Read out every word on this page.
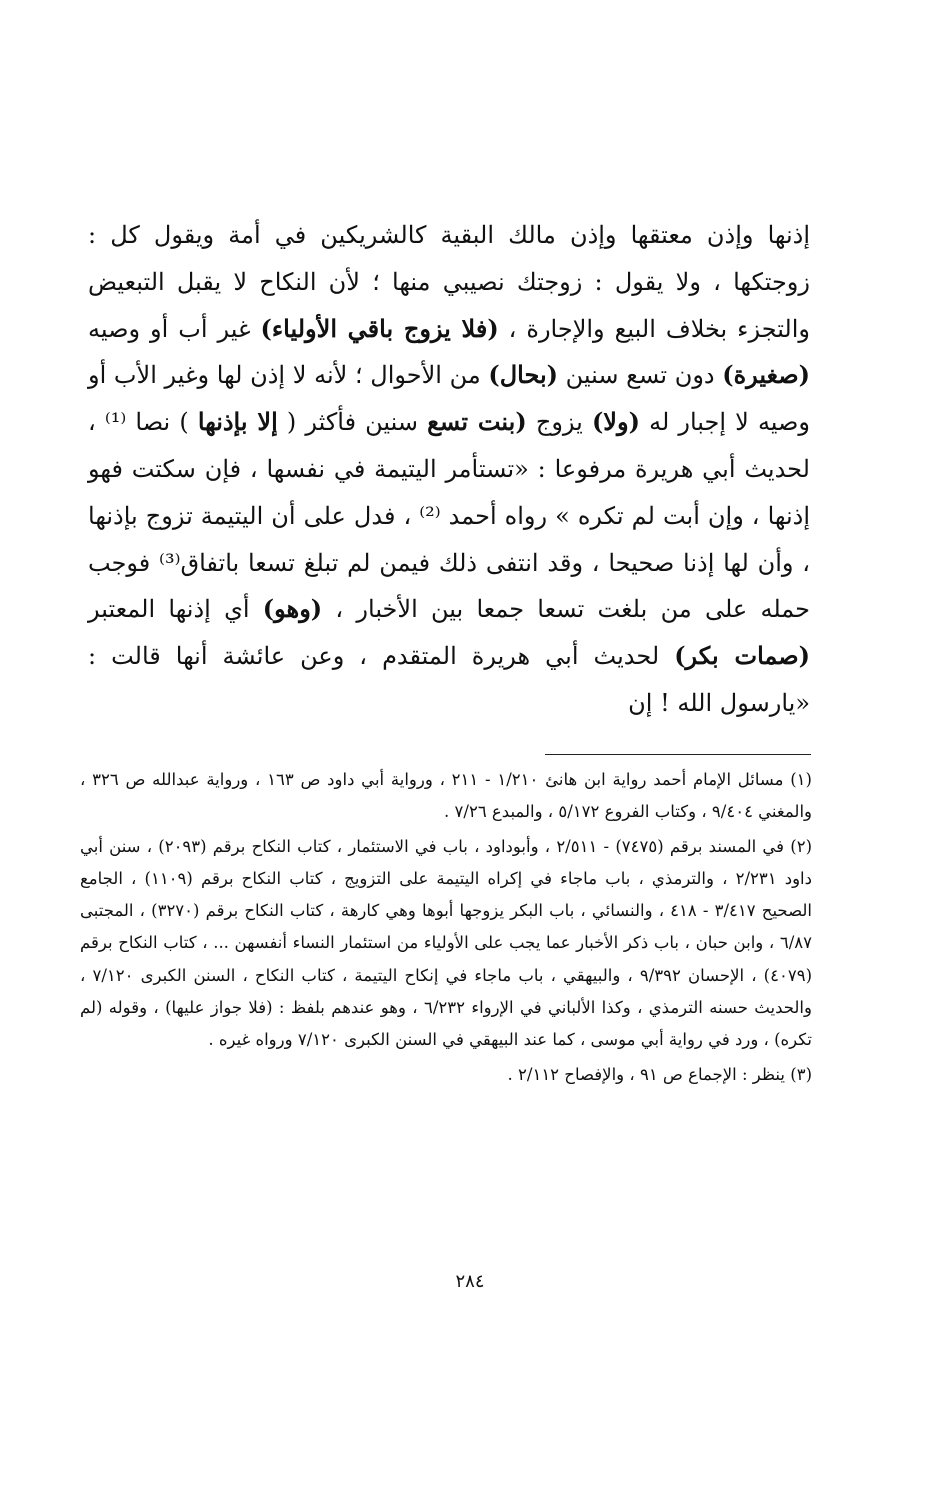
إذنها وإذن معتقها وإذن مالك البقية كالشريكين في أمة ويقول كل : زوجتكها ، ولا يقول : زوجتك نصيبي منها ؛ لأن النكاح لا يقبل التبعيض والتجزء بخلاف البيع والإجارة ، (فلا يزوج باقي الأولياء) غير أب أو وصيه (صغيرة) دون تسع سنين (بحال) من الأحوال ؛ لأنه لا إذن لها وغير الأب أو وصيه لا إجبار له (ولا) يزوج (بنت تسع سنين فأكثر ( إلا بإذنها ) نصا ⁽¹⁾ ، لحديث أبي هريرة مرفوعا : «تستأمر اليتيمة في نفسها ، فإن سكتت فهو إذنها ، وإن أبت لم تكره » رواه أحمد ⁽²⁾ ، فدل على أن اليتيمة تزوج بإذنها ، وأن لها إذنا صحيحا ، وقد انتفى ذلك فيمن لم تبلغ تسعا باتفاق⁽³⁾ فوجب حمله على من بلغت تسعا جمعا بين الأخبار ، (وهو) أي إذنها المعتبر (صمات بكر) لحديث أبي هريرة المتقدم ، وعن عائشة أنها قالت : «يارسول الله ! إن

(١) مسائل الإمام أحمد رواية ابن هانئ ١/٢١٠ - ٢١١ ، ورواية أبي داود ص ١٦٣ ، ورواية عبدالله ص ٣٢٦ ، والمغني ٩/٤٠٤ ، وكتاب الفروع ٥/١٧٢ ، والمبدع ٧/٢٦ .

(٢) في المسند برقم (٧٤٧٥) - ٢/٥١١ ، وأبوداود ، باب في الاستئمار ، كتاب النكاح برقم (٢٠٩٣) ، سنن أبي داود ٢/٢٣١ ، والترمذي ، باب ماجاء في إكراه اليتيمة على التزويج ، كتاب النكاح برقم (١١٠٩) ، الجامع الصحيح ٣/٤١٧ - ٤١٨ ، والنسائي ، باب البكر يزوجها أبوها وهي كارهة ، كتاب النكاح برقم (٣٢٧٠) ، المجتبى ٦/٨٧ ، وابن حبان ، باب ذكر الأخبار عما يجب على الأولياء من استئمار النساء أنفسهن ... ، كتاب النكاح برقم (٤٠٧٩) ، الإحسان ٩/٣٩٢ ، والبيهقي ، باب ماجاء في إنكاح اليتيمة ، كتاب النكاح ، السنن الكبرى ٧/١٢٠ ، والحديث حسنه الترمذي ، وكذا الألباني في الإرواء ٦/٢٣٢ ، وهو عندهم بلفظ : (فلا جواز عليها) ، وقوله (لم تكره) ، ورد في رواية أبي موسى ، كما عند البيهقي في السنن الكبرى ٧/١٢٠ ورواه غيره .

(٣) ينظر : الإجماع ص ٩١ ، والإفصاح ٢/١١٢ .

٢٨٤
